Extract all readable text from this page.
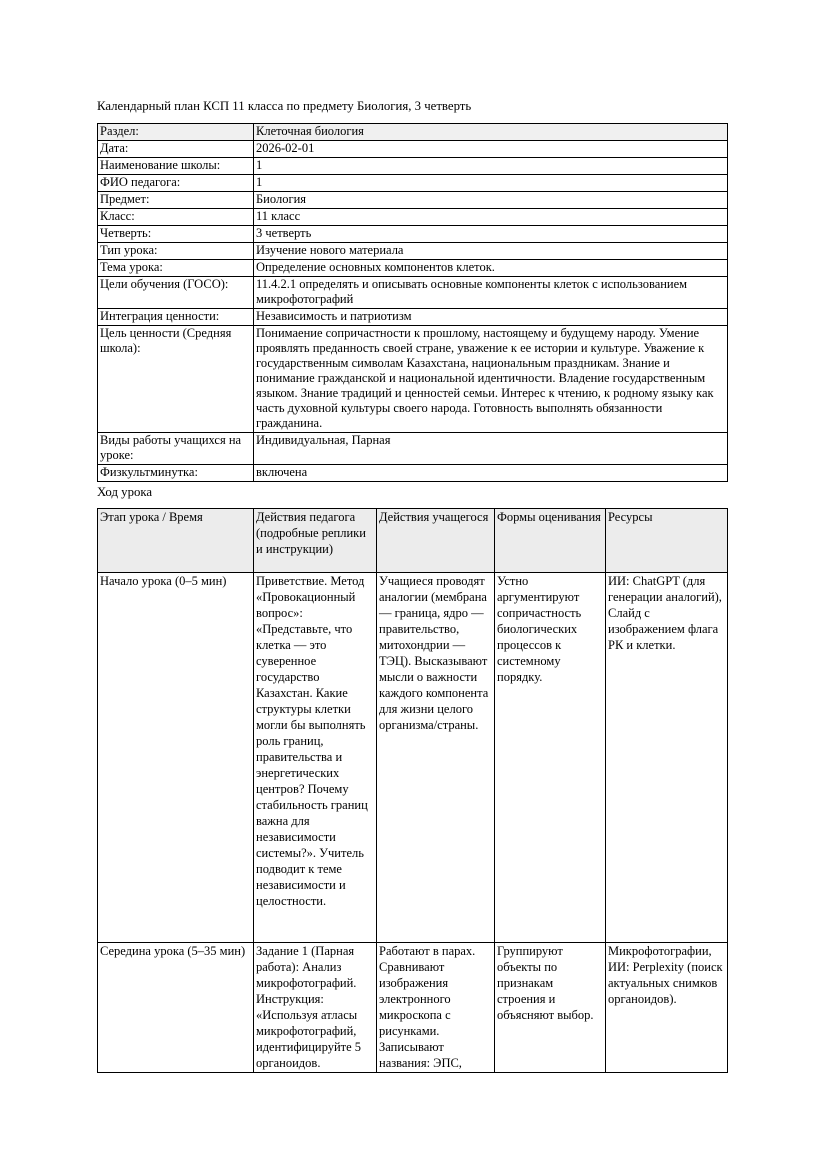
Календарный план КСП 11 класса по предмету Биология, 3 четверть
Раздел:	Клеточная биология
Дата:	2026-02-01
Наименование школы:	1
ФИО педагога:	1
Предмет:	Биология
Класс:	11 класс
Четверть:	3 четверть
Тип урока:	Изучение нового материала
Тема урока:	Определение основных компонентов клеток.
Цели обучения (ГОСО):	11.4.2.1 определять и описывать основные компоненты клеток с использованием микрофотографий
Интеграция ценности:	Независимость и патриотизм
Цель ценности (Средняя школа):	Понимаение сопричастности к прошлому, настоящему и будущему народу. Умение проявлять преданность своей стране, уважение к ее истории и культуре. Уважение к государственным символам Казахстана, национальным праздникам. Знание и понимание гражданской и национальной идентичности. Владение государственным языком. Знание традиций и ценностей семьи. Интерес к чтению, к родному языку как часть духовной культуры своего народа. Готовность выполнять обязанности гражданина.
Виды работы учащихся на уроке:	Индивидуальная, Парная
Физкультминутка:	включена
Ход урока
Этап урока / Время	Действия педагога (подробные реплики и инструкции)	Действия учащегося	Формы оценивания	Ресурсы
Начало урока (0–5 мин)	Приветствие. Метод «Провокационный вопрос»: «Представьте, что клетка — это суверенное государство Казахстан. Какие структуры клетки могли бы выполнять роль границ, правительства и энергетических центров? Почему стабильность границ важна для независимости системы?». Учитель подводит к теме независимости и целостности.	Учащиеся проводят аналогии (мембрана — граница, ядро — правительство, митохондрии — ТЭЦ). Высказывают мысли о важности каждого компонента для жизни целого организма/страны.	Устно аргументируют сопричастность биологических процессов к системному порядку.	ИИ: ChatGPT (для генерации аналогий), Слайд с изображением флага РК и клетки.
Середина урока (5–35 мин)	Задание 1 (Парная работа): Анализ микрофотографий. Инструкция: «Используя атласы микрофотографий, идентифицируйте 5 органоидов.	Работают в парах. Сравнивают изображения электронного микроскопа с рисунками. Записывают названия: ЭПС,	Группируют объекты по признакам строения и объясняют выбор.	Микрофотографии, ИИ: Perplexity (поиск актуальных снимков органоидов).
